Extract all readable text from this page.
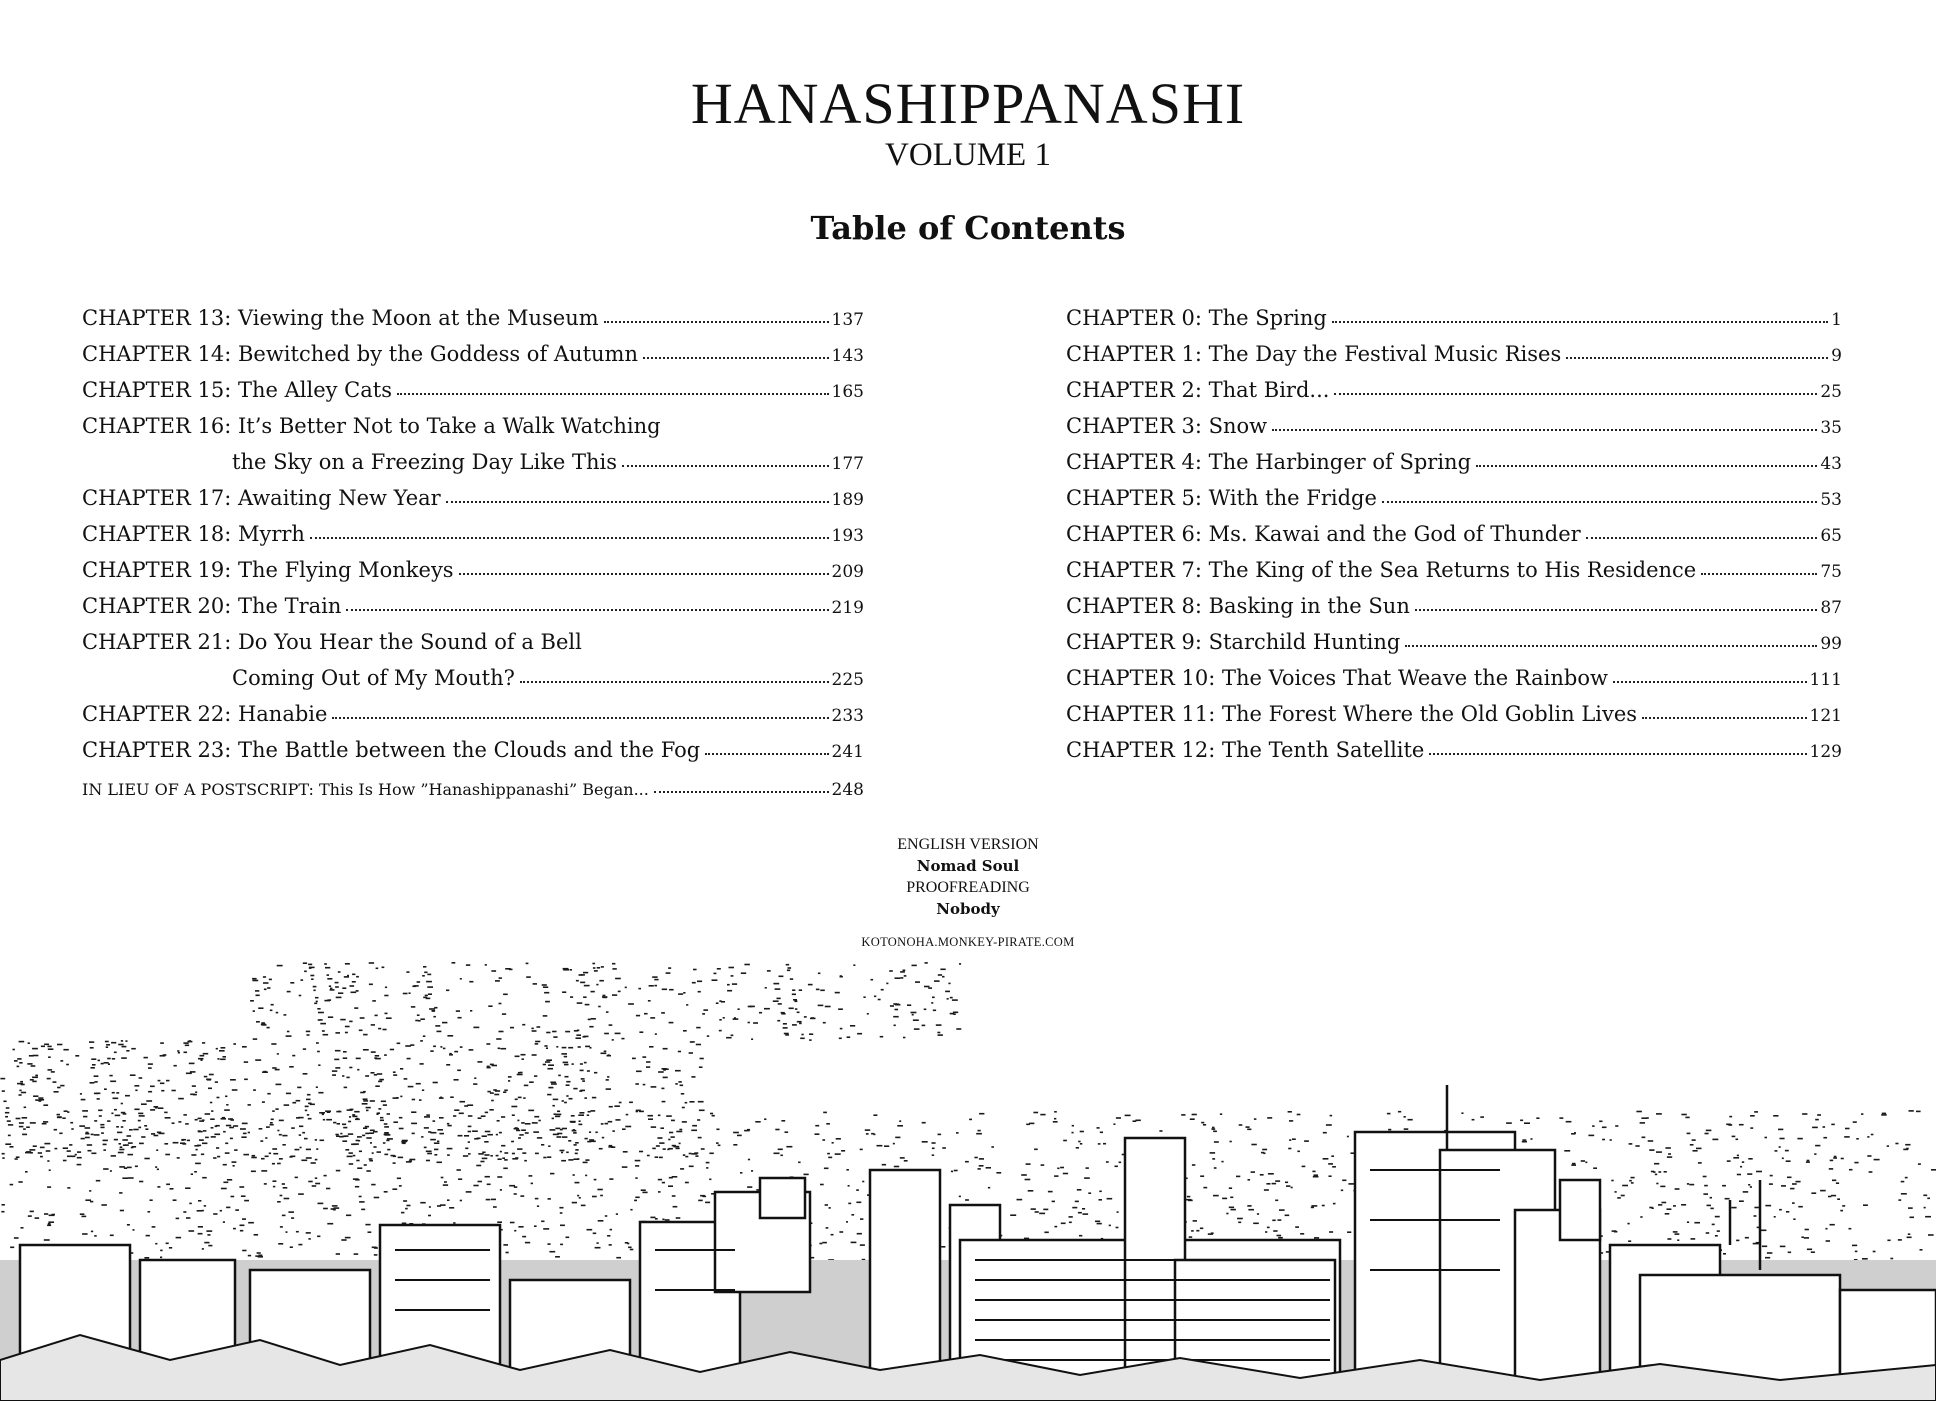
HANASHIPPANASHI
VOLUME 1
Table of Contents
CHAPTER 13: Viewing the Moon at the Museum	137
CHAPTER 14: Bewitched by the Goddess of Autumn	143
CHAPTER 15: The Alley Cats	165
CHAPTER 16: It’s Better Not to Take a Walk Watching
the Sky on a Freezing Day Like This	177
CHAPTER 17: Awaiting New Year	189
CHAPTER 18: Myrrh	193
CHAPTER 19: The Flying Monkeys	209
CHAPTER 20: The Train	219
CHAPTER 21: Do You Hear the Sound of a Bell
Coming Out of My Mouth?	225
CHAPTER 22: Hanabie	233
CHAPTER 23: The Battle between the Clouds and the Fog	241
IN LIEU OF A POSTSCRIPT: This Is How ”Hanashippanashi” Began...	248
CHAPTER 0: The Spring	1
CHAPTER 1: The Day the Festival Music Rises	9
CHAPTER 2: That Bird...	25
CHAPTER 3: Snow	35
CHAPTER 4: The Harbinger of Spring	43
CHAPTER 5: With the Fridge	53
CHAPTER 6: Ms. Kawai and the God of Thunder	65
CHAPTER 7: The King of the Sea Returns to His Residence	75
CHAPTER 8: Basking in the Sun	87
CHAPTER 9: Starchild Hunting	99
CHAPTER 10: The Voices That Weave the Rainbow	111
CHAPTER 11: The Forest Where the Old Goblin Lives	121
CHAPTER 12: The Tenth Satellite	129
ENGLISH VERSION
Nomad Soul
PROOFREADING
Nobody
KOTONOHA.MONKEY-PIRATE.COM
